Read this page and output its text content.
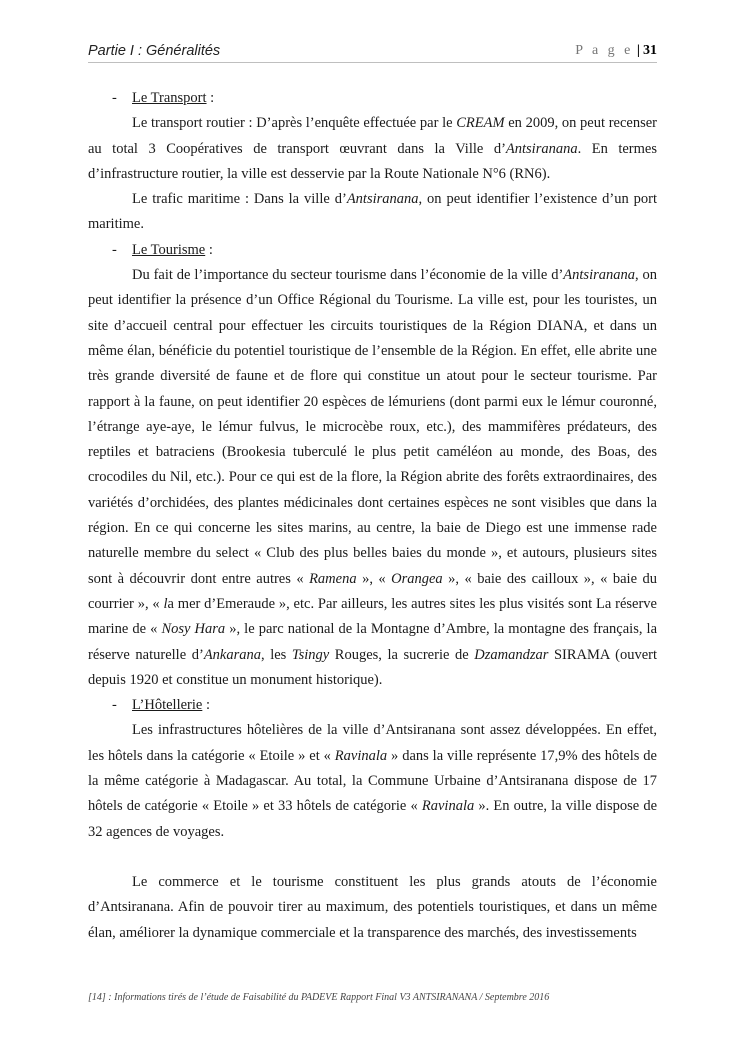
Partie I : Généralités	P a g e | 31

- Le Transport :

Le transport routier : D’après l’enquête effectuée par le CREAM en 2009, on peut recenser au total 3 Coopératives de transport œuvrant dans la Ville d’Antsiranana. En termes d’infrastructure routier, la ville est desservie par la Route Nationale N°6 (RN6).

Le trafic maritime : Dans la ville d’Antsiranana, on peut identifier l’existence d’un port maritime.

- Le Tourisme :

Du fait de l’importance du secteur tourisme dans l’économie de la ville d’Antsiranana, on peut identifier la présence d’un Office Régional du Tourisme. La ville est, pour les touristes, un site d’accueil central pour effectuer les circuits touristiques de la Région DIANA, et dans un même élan, bénéficie du potentiel touristique de l’ensemble de la Région. En effet, elle abrite une très grande diversité de faune et de flore qui constitue un atout pour le secteur tourisme. Par rapport à la faune, on peut identifier 20 espèces de lémuriens (dont parmi eux le lémur couronné, l’étrange aye-aye, le lémur fulvus, le microcèbe roux, etc.), des mammifères prédateurs, des reptiles et batraciens (Brookesia tuberculé le plus petit caméléon au monde, des Boas, des crocodiles du Nil, etc.). Pour ce qui est de la flore, la Région abrite des forêts extraordinaires, des variétés d’orchidées, des plantes médicinales dont certaines espèces ne sont visibles que dans la région. En ce qui concerne les sites marins, au centre, la baie de Diego est une immense rade naturelle membre du select « Club des plus belles baies du monde », et autours, plusieurs sites sont à découvrir dont entre autres « Ramena », « Orangea », « baie des cailloux », « baie du courrier », « la mer d’Emeraude », etc. Par ailleurs, les autres sites les plus visités sont La réserve marine de « Nosy Hara », le parc national de la Montagne d’Ambre, la montagne des français, la réserve naturelle d’Ankarana, les Tsingy Rouges, la sucrerie de Dzamandzar SIRAMA (ouvert depuis 1920 et constitue un monument historique).

- L’Hôtellerie :

Les infrastructures hôtelières de la ville d’Antsiranana sont assez développées. En effet, les hôtels dans la catégorie « Etoile » et « Ravinala » dans la ville représente 17,9% des hôtels de la même catégorie à Madagascar. Au total, la Commune Urbaine d’Antsiranana dispose de 17 hôtels de catégorie « Etoile » et 33 hôtels de catégorie « Ravinala ». En outre, la ville dispose de 32 agences de voyages.

Le commerce et le tourisme constituent les plus grands atouts de l’économie d’Antsiranana. Afin de pouvoir tirer au maximum, des potentiels touristiques, et dans un même élan, améliorer la dynamique commerciale et la transparence des marchés, des investissements

[14] : Informations tirés de l’étude de Faisabilité du PADEVE Rapport Final V3 ANTSIRANANA / Septembre 2016
